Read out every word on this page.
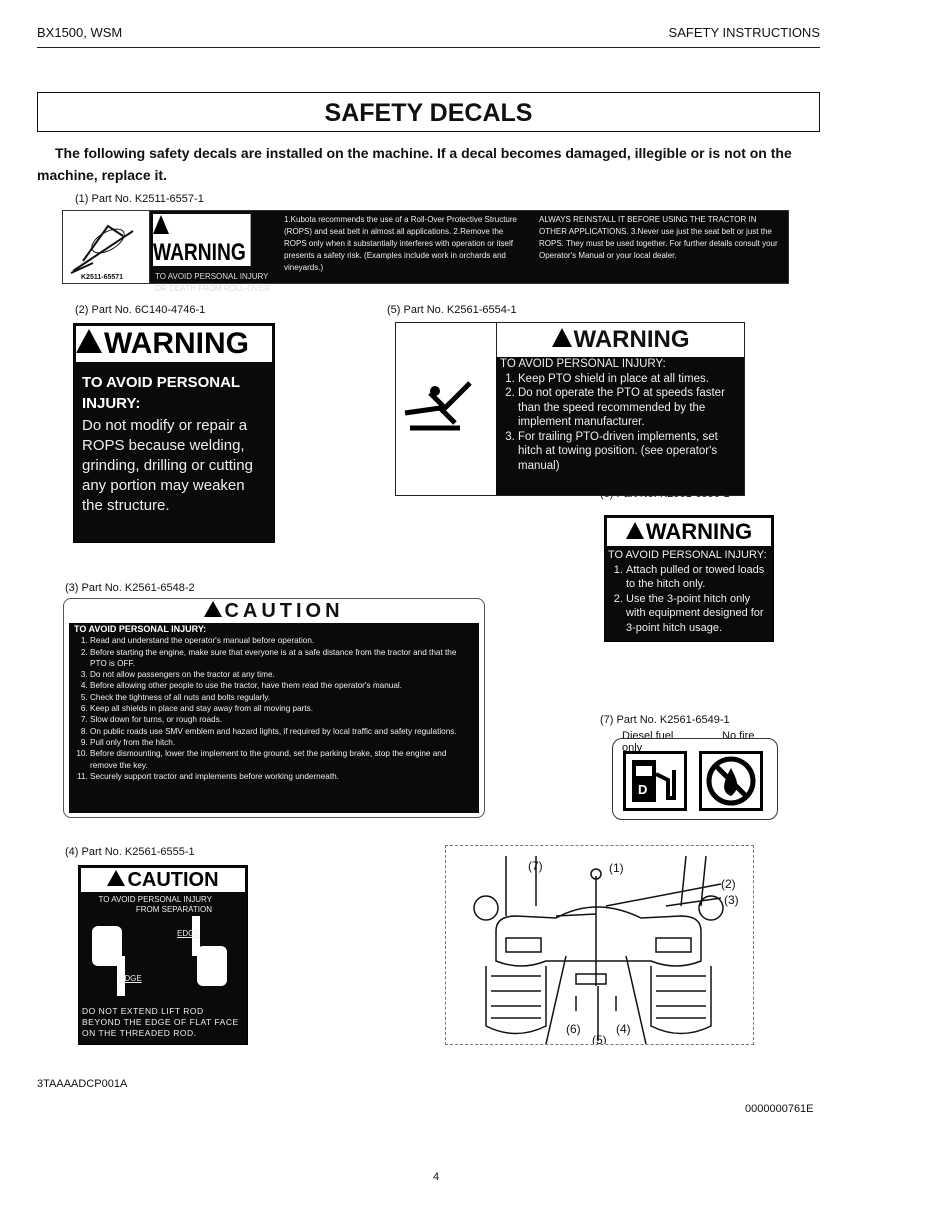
BX1500, WSM	SAFETY INSTRUCTIONS
SAFETY DECALS
The following safety decals are installed on the machine. If a decal becomes damaged, illegible or is not on the machine, replace it.
(1) Part No. K2511-6557-1
K2511-65571
WARNING
TO AVOID PERSONAL INJURY OR DEATH FROM ROLL-OVER
1.Kubota recommends the use of a Roll-Over Protective Structure (ROPS) and seat belt in almost all applications. 2.Remove the ROPS only when it substantially interferes with operation or itself presents a safety risk. (Examples include work in orchards and vineyards.)
ALWAYS REINSTALL IT BEFORE USING THE TRACTOR IN OTHER APPLICATIONS. 3.Never use just the seat belt or just the ROPS. They must be used together. For further details consult your Operator's Manual or your local dealer.
(2) Part No. 6C140-4746-1
WARNING
TO AVOID PERSONAL INJURY:
Do not modify or repair a ROPS because welding, grinding, drilling or cutting any portion may weaken the structure.
(5) Part No. K2561-6554-1
WARNING
TO AVOID PERSONAL INJURY:
1. Keep PTO shield in place at all times.
2. Do not operate the PTO at speeds faster than the speed recommended by the implement manufacturer.
3. For trailing PTO-driven implements, set hitch at towing position. (see operator's manual)
(6) Part No. K2561-6556-1
WARNING
TO AVOID PERSONAL INJURY:
1. Attach pulled or towed loads to the hitch only.
2. Use the 3-point hitch only with equipment designed for 3-point hitch usage.
(3) Part No. K2561-6548-2
CAUTION
TO AVOID PERSONAL INJURY:
1. Read and understand the operator's manual before operation.
2. Before starting the engine, make sure that everyone is at a safe distance from the tractor and that the PTO is OFF.
3. Do not allow passengers on the tractor at any time.
4. Before allowing other people to use the tractor, have them read the operator's manual.
5. Check the tightness of all nuts and bolts regularly.
6. Keep all shields in place and stay away from all moving parts.
7. Slow down for turns, or rough roads.
8. On public roads use SMV emblem and hazard lights, if required by local traffic and safety regulations.
9. Pull only from the hitch.
10. Before dismounting, lower the implement to the ground, set the parking brake, stop the engine and remove the key.
11. Securely support tractor and implements before working underneath.
(7) Part No. K2561-6549-1
Diesel fuel only
No fire
D
(4) Part No. K2561-6555-1
CAUTION
TO AVOID PERSONAL INJURY FROM SEPARATION
EDGE
EDGE
DO NOT EXTEND LIFT ROD BEYOND THE EDGE OF FLAT FACE ON THE THREADED ROD.
(7)	(1)
(2)
(3)
(4)
(5)
(6)
3TAAAADCP001A
0000000761E
4
